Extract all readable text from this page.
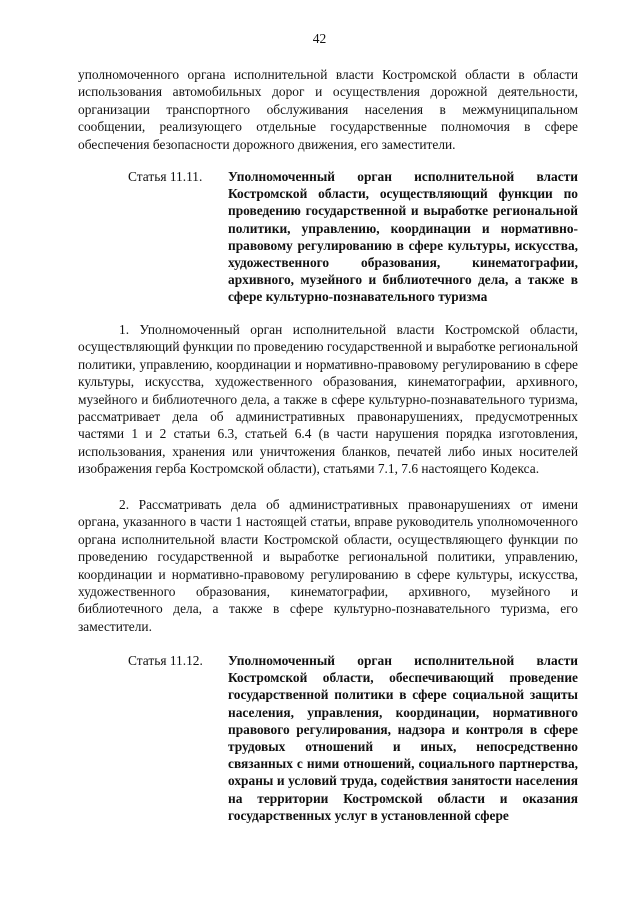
42
уполномоченного органа исполнительной власти Костромской области в области использования автомобильных дорог и осуществления дорожной деятельности, организации транспортного обслуживания населения в межмуниципальном сообщении, реализующего отдельные государственные полномочия в сфере обеспечения безопасности дорожного движения, его заместители.
Статья 11.11. Уполномоченный орган исполнительной власти Костромской области, осуществляющий функции по проведению государственной и выработке региональной политики, управлению, координации и нормативно-правовому регулированию в сфере культуры, искусства, художественного образования, кинематографии, архивного, музейного и библиотечного дела, а также в сфере культурно-познавательного туризма
1. Уполномоченный орган исполнительной власти Костромской области, осуществляющий функции по проведению государственной и выработке региональной политики, управлению, координации и нормативно-правовому регулированию в сфере культуры, искусства, художественного образования, кинематографии, архивного, музейного и библиотечного дела, а также в сфере культурно-познавательного туризма, рассматривает дела об административных правонарушениях, предусмотренных частями 1 и 2 статьи 6.3, статьей 6.4 (в части нарушения порядка изготовления, использования, хранения или уничтожения бланков, печатей либо иных носителей изображения герба Костромской области), статьями 7.1, 7.6 настоящего Кодекса.
2. Рассматривать дела об административных правонарушениях от имени органа, указанного в части 1 настоящей статьи, вправе руководитель уполномоченного органа исполнительной власти Костромской области, осуществляющего функции по проведению государственной и выработке региональной политики, управлению, координации и нормативно-правовому регулированию в сфере культуры, искусства, художественного образования, кинематографии, архивного, музейного и библиотечного дела, а также в сфере культурно-познавательного туризма, его заместители.
Статья 11.12. Уполномоченный орган исполнительной власти Костромской области, обеспечивающий проведение государственной политики в сфере социальной защиты населения, управления, координации, нормативного правового регулирования, надзора и контроля в сфере трудовых отношений и иных, непосредственно связанных с ними отношений, социального партнерства, охраны и условий труда, содействия занятости населения на территории Костромской области и оказания государственных услуг в установленной сфере
